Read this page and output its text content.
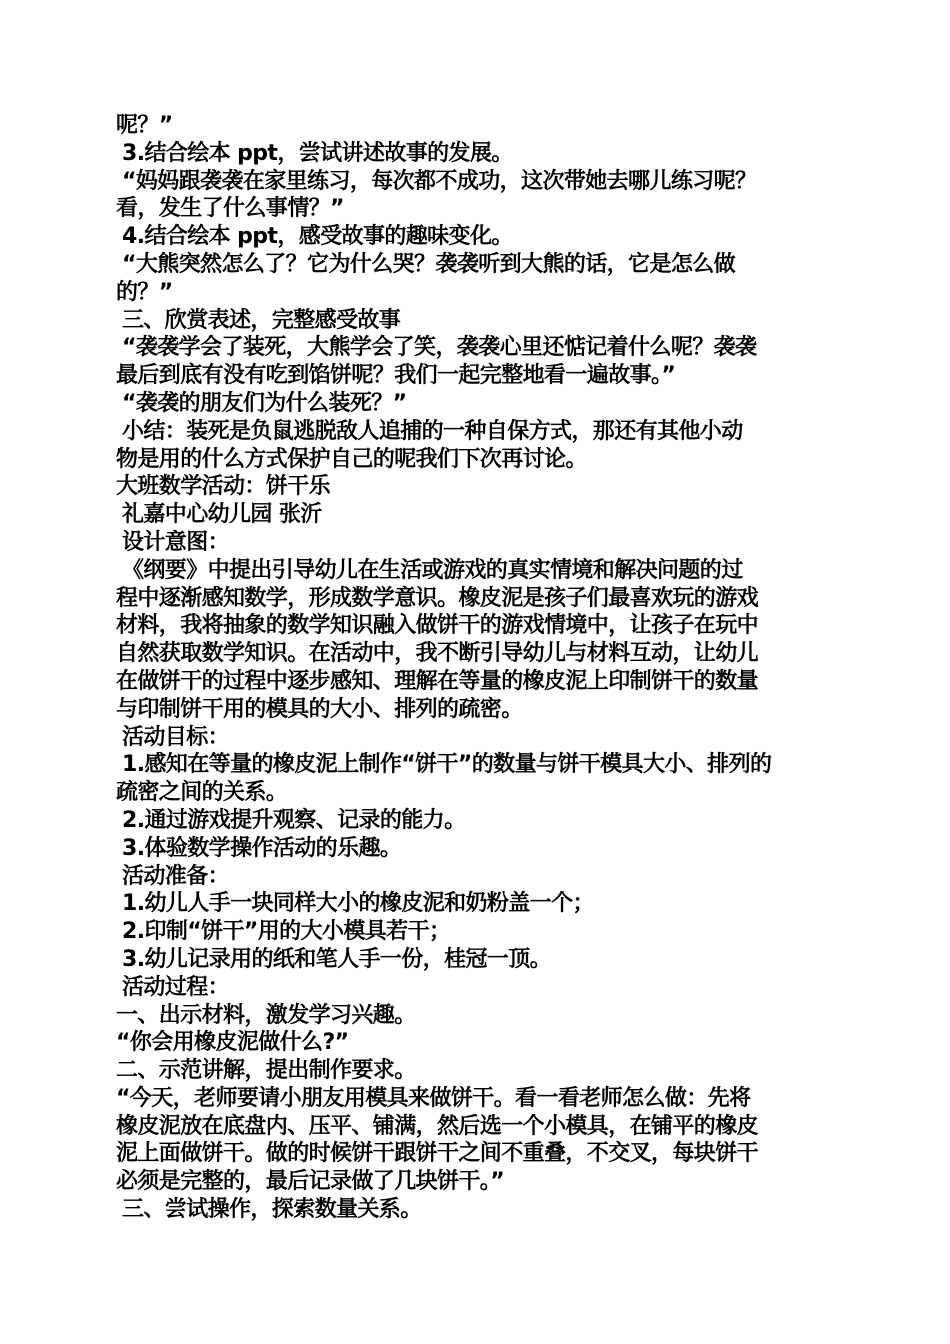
呢？”
3.结合绘本 ppt，尝试讲述故事的发展。
“妈妈跟袭袭在家里练习，每次都不成功，这次带她去哪儿练习呢？
看，发生了什么事情？”
4.结合绘本 ppt，感受故事的趣味变化。
“大熊突然怎么了？它为什么哭？袭袭听到大熊的话，它是怎么做
的？”
三、欣赏表述，完整感受故事
“袭袭学会了装死，大熊学会了笑，袭袭心里还惦记着什么呢？袭袭
最后到底有没有吃到馅饼呢？我们一起完整地看一遍故事。”
“袭袭的朋友们为什么装死？”
小结：装死是负鼠逃脱敌人追捕的一种自保方式，那还有其他小动
物是用的什么方式保护自己的呢我们下次再讨论。
大班数学活动：饼干乐
礼嘉中心幼儿园 张沂
设计意图：
《纲要》中提出引导幼儿在生活或游戏的真实情境和解决问题的过
程中逐渐感知数学，形成数学意识。橡皮泥是孩子们最喜欢玩的游戏
材料，我将抽象的数学知识融入做饼干的游戏情境中，让孩子在玩中
自然获取数学知识。在活动中，我不断引导幼儿与材料互动，让幼儿
在做饼干的过程中逐步感知、理解在等量的橡皮泥上印制饼干的数量
与印制饼干用的模具的大小、排列的疏密。
活动目标：
1.感知在等量的橡皮泥上制作“饼干”的数量与饼干模具大小、排列的
疏密之间的关系。
2.通过游戏提升观察、记录的能力。
3.体验数学操作活动的乐趣。
活动准备：
1.幼儿人手一块同样大小的橡皮泥和奶粉盖一个；
2.印制“饼干”用的大小模具若干；
3.幼儿记录用的纸和笔人手一份，桂冠一顶。
活动过程：
一、出示材料，激发学习兴趣。
“你会用橡皮泥做什么?”
二、示范讲解，提出制作要求。
“今天，老师要请小朋友用模具来做饼干。看一看老师怎么做：先将
橡皮泥放在底盘内、压平、铺满，然后选一个小模具，在铺平的橡皮
泥上面做饼干。做的时候饼干跟饼干之间不重叠，不交叉，每块饼干
必须是完整的，最后记录做了几块饼干。”
三、尝试操作，探索数量关系。
